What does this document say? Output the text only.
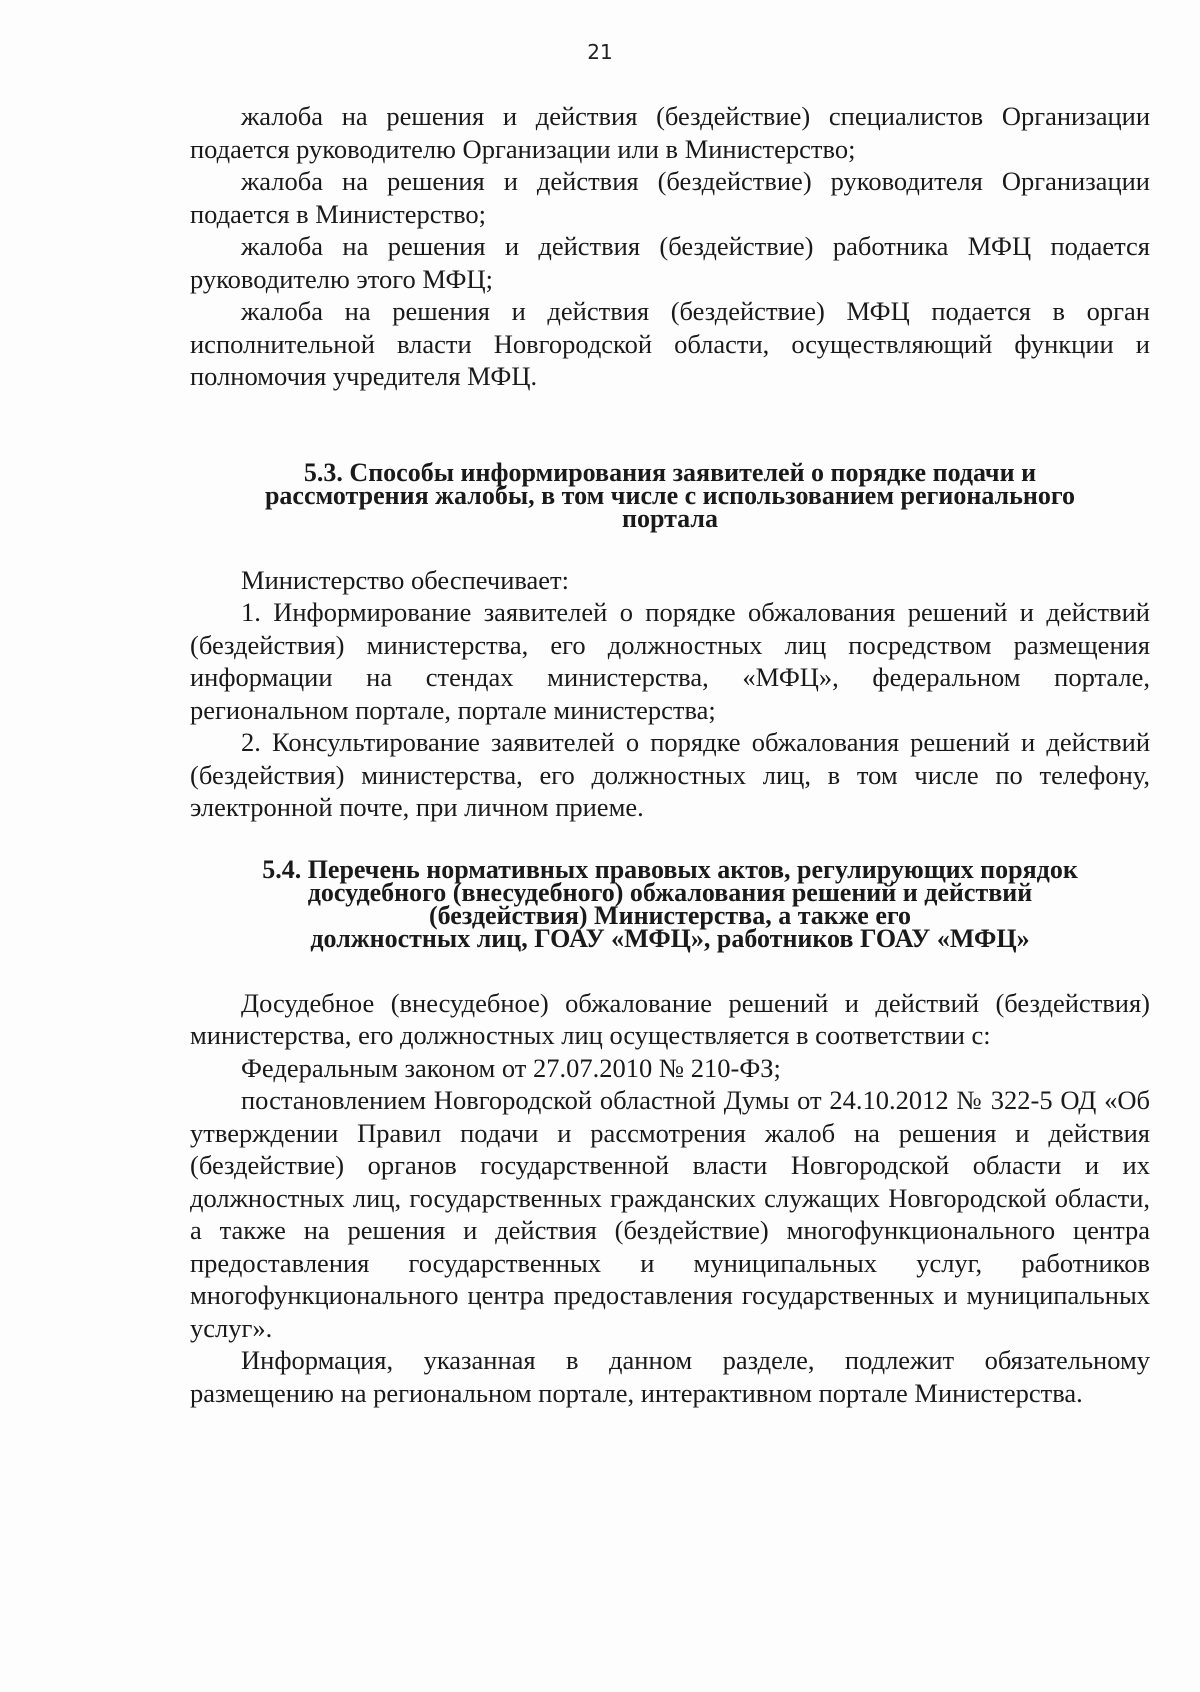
21

жалоба на решения и действия (бездействие) специалистов Организации подается руководителю Организации или в Министерство;

жалоба на решения и действия (бездействие) руководителя Организации подается в Министерство;

жалоба на решения и действия (бездействие) работника МФЦ подается руководителю этого МФЦ;

жалоба на решения и действия (бездействие) МФЦ подается в орган исполнительной власти Новгородской области, осуществляющий функции и полномочия учредителя МФЦ.

5.3. Способы информирования заявителей о порядке подачи и
рассмотрения жалобы, в том числе с использованием регионального
портала

Министерство обеспечивает:

1. Информирование заявителей о порядке обжалования решений и действий (бездействия) министерства, его должностных лиц посредством размещения информации на стендах министерства, «МФЦ», федеральном портале, региональном портале, портале министерства;

2. Консультирование заявителей о порядке обжалования решений и действий (бездействия) министерства, его должностных лиц, в том числе по телефону, электронной почте, при личном приеме.

5.4. Перечень нормативных правовых актов, регулирующих порядок
досудебного (внесудебного) обжалования решений и действий
(бездействия) Министерства, а также его
должностных лиц, ГОАУ «МФЦ», работников ГОАУ «МФЦ»

Досудебное (внесудебное) обжалование решений и действий (бездействия) министерства, его должностных лиц осуществляется в соответствии с:

Федеральным законом от 27.07.2010 № 210-ФЗ;

постановлением Новгородской областной Думы от 24.10.2012 № 322-5 ОД «Об утверждении Правил подачи и рассмотрения жалоб на решения и действия (бездействие) органов государственной власти Новгородской области и их должностных лиц, государственных гражданских служащих Новгородской области, а также на решения и действия (бездействие) многофункционального центра предоставления государственных и муниципальных услуг, работников многофункционального центра предоставления государственных и муниципальных услуг».

Информация, указанная в данном разделе, подлежит обязательному размещению на региональном портале, интерактивном портале Министерства.
